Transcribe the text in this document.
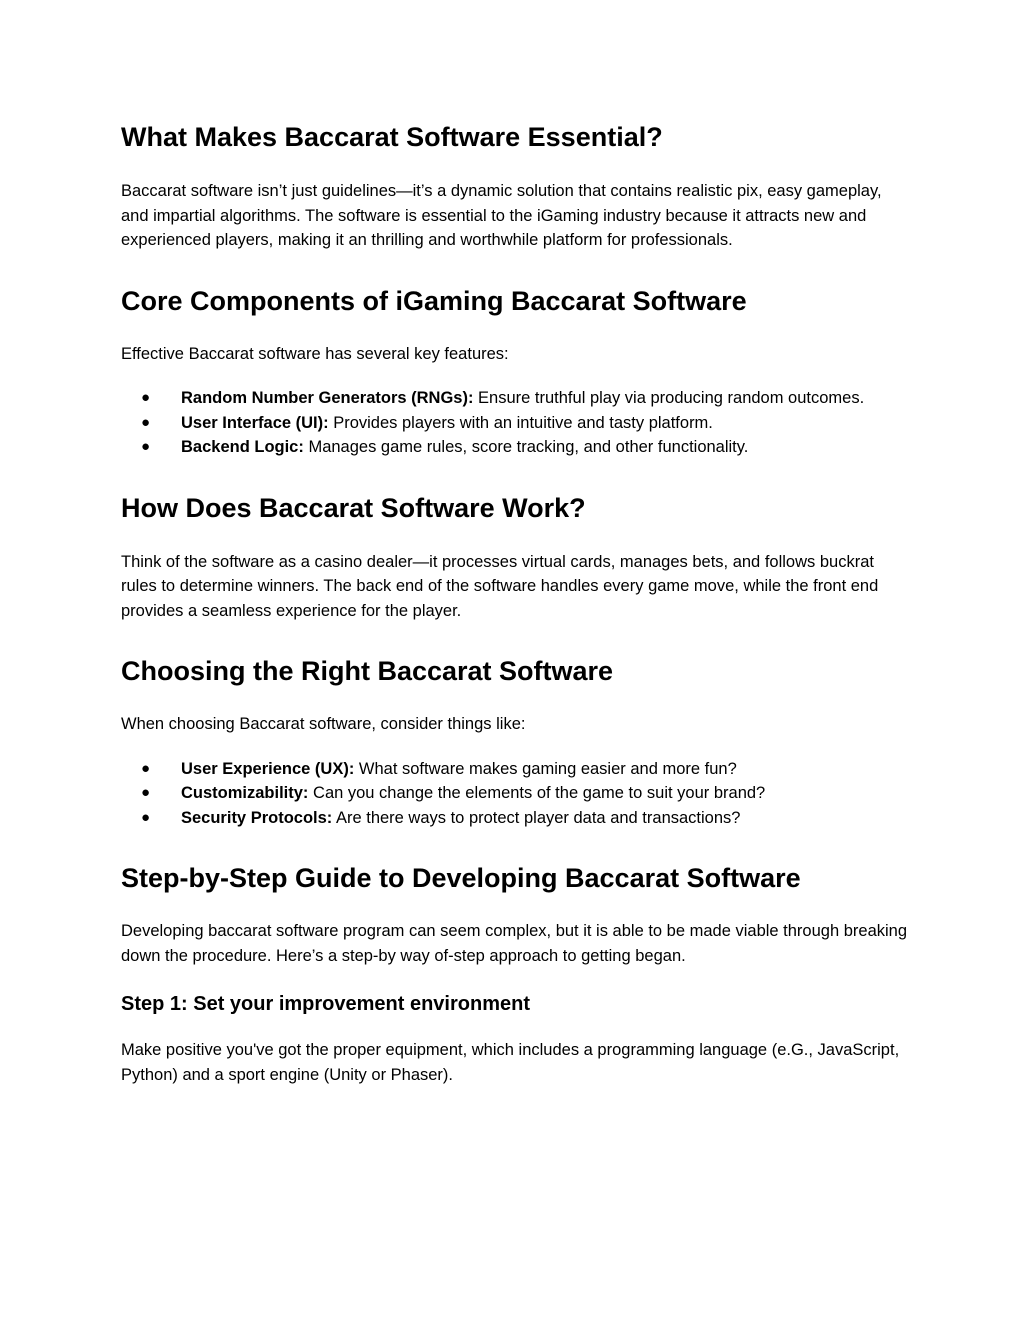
What Makes Baccarat Software Essential?

Baccarat software isn’t just guidelines—it’s a dynamic solution that contains realistic pix, easy gameplay, and impartial algorithms. The software is essential to the iGaming industry because it attracts new and experienced players, making it an thrilling and worthwhile platform for professionals.

Core Components of iGaming Baccarat Software

Effective Baccarat software has several key features:

● Random Number Generators (RNGs): Ensure truthful play via producing random outcomes.
● User Interface (UI): Provides players with an intuitive and tasty platform.
● Backend Logic: Manages game rules, score tracking, and other functionality.
How Does Baccarat Software Work?

Think of the software as a casino dealer—it processes virtual cards, manages bets, and follows buckrat rules to determine winners. The back end of the software handles every game move, while the front end provides a seamless experience for the player.

Choosing the Right Baccarat Software

When choosing Baccarat software, consider things like:

● User Experience (UX): What software makes gaming easier and more fun?
● Customizability: Can you change the elements of the game to suit your brand?
● Security Protocols: Are there ways to protect player data and transactions?
Step-by-Step Guide to Developing Baccarat Software

Developing baccarat software program can seem complex, but it is able to be made viable through breaking down the procedure. Here’s a step-by way of-step approach to getting began.

Step 1: Set your improvement environment

Make positive you've got the proper equipment, which includes a programming language (e.G., JavaScript, Python) and a sport engine (Unity or Phaser).
